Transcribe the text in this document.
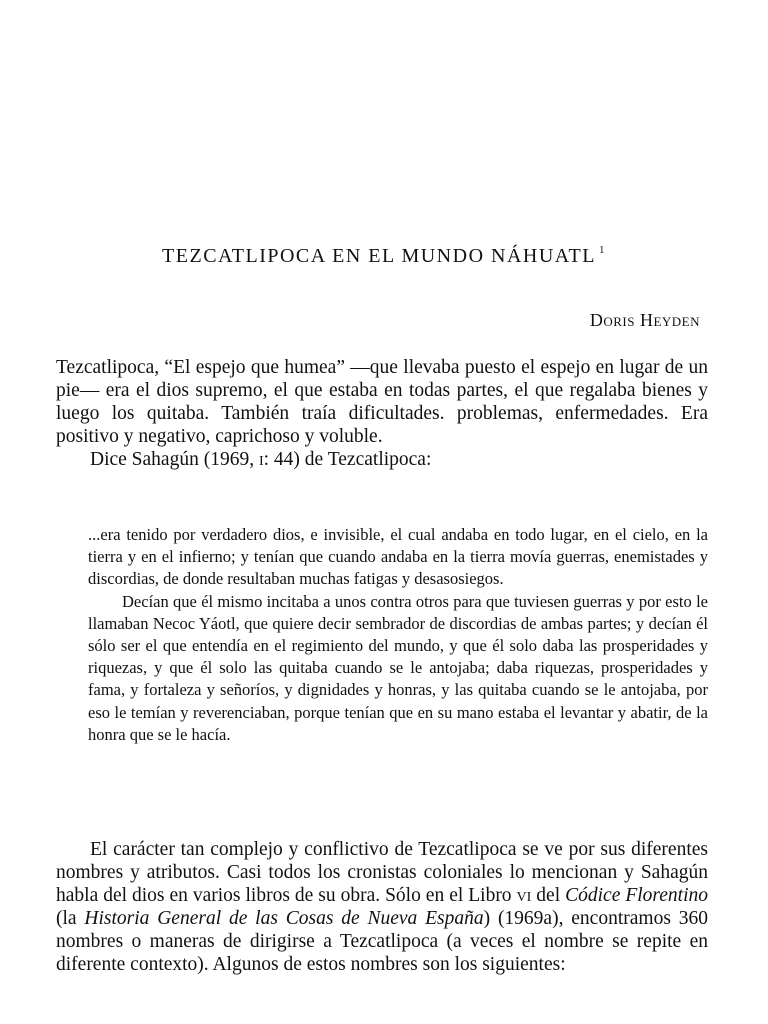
TEZCATLIPOCA EN EL MUNDO NÁHUATL $^1$
Doris Heyden

Tezcatlipoca, “El espejo que humea” —que llevaba puesto el espejo en lugar de un pie— era el dios supremo, el que estaba en todas partes, el que regalaba bienes y luego los quitaba. También traía dificultades. problemas, enfermedades. Era positivo y negativo, caprichoso y voluble.

Dice Sahagún (1969, i: 44) de Tezcatlipoca:

...era tenido por verdadero dios, e invisible, el cual andaba en todo lugar, en el cielo, en la tierra y en el infierno; y tenían que cuando andaba en la tierra movía guerras, enemistades y discordias, de donde resultaban muchas fatigas y desasosiegos.

Decían que él mismo incitaba a unos contra otros para que tuviesen guerras y por esto le llamaban Necoc Yáotl, que quiere decir sembrador de discordias de ambas partes; y decían él sólo ser el que entendía en el regimiento del mundo, y que él solo daba las prosperidades y riquezas, y que él solo las quitaba cuando se le antojaba; daba riquezas, prosperidades y fama, y fortaleza y señoríos, y dignidades y honras, y las quitaba cuando se le antojaba, por eso le temían y reverenciaban, porque tenían que en su mano estaba el levantar y abatir, de la honra que se le hacía.

El carácter tan complejo y conflictivo de Tezcatlipoca se ve por sus diferentes nombres y atributos. Casi todos los cronistas coloniales lo mencionan y Sahagún habla del dios en varios libros de su obra. Sólo en el Libro vi del Códice Florentino (la Historia General de las Cosas de Nueva España) (1969a), encontramos 360 nombres o maneras de dirigirse a Tezcatlipoca (a veces el nombre se repite en diferente contexto). Algunos de estos nombres son los siguientes:
